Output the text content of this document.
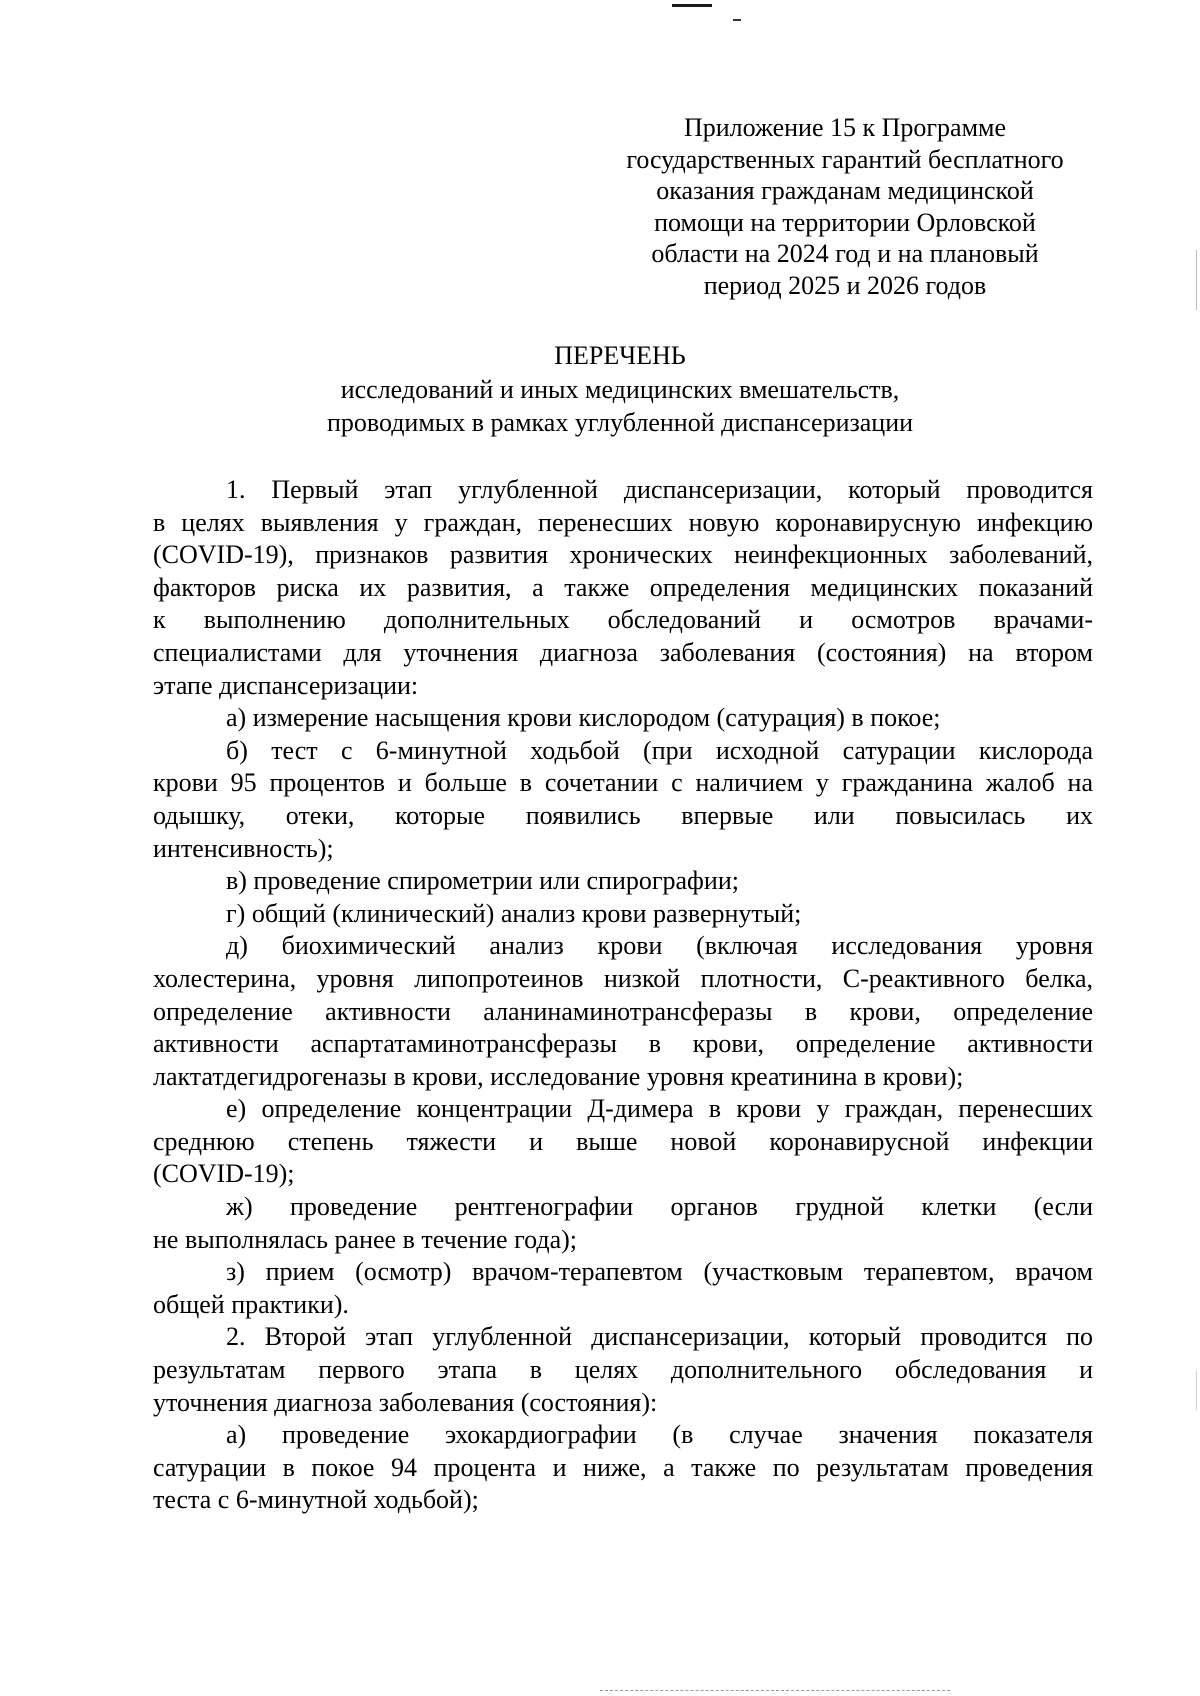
Приложение 15 к Программе
государственных гарантий бесплатного
оказания гражданам медицинской
помощи на территории Орловской
области на 2024 год и на плановый
период 2025 и 2026 годов
ПЕРЕЧЕНЬ
исследований и иных медицинских вмешательств,
проводимых в рамках углубленной диспансеризации
1. Первый этап углубленной диспансеризации, который проводится
в целях выявления у граждан, перенесших новую коронавирусную инфекцию
(COVID-19), признаков развития хронических неинфекционных заболеваний,
факторов риска их развития, а также определения медицинских показаний
к выполнению дополнительных обследований и осмотров врачами-
специалистами для уточнения диагноза заболевания (состояния) на втором
этапе диспансеризации:
а) измерение насыщения крови кислородом (сатурация) в покое;
б) тест с 6-минутной ходьбой (при исходной сатурации кислорода
крови 95 процентов и больше в сочетании с наличием у гражданина жалоб на
одышку, отеки, которые появились впервые или повысилась их
интенсивность);
в) проведение спирометрии или спирографии;
г) общий (клинический) анализ крови развернутый;
д) биохимический анализ крови (включая исследования уровня
холестерина, уровня липопротеинов низкой плотности, С-реактивного белка,
определение активности аланинаминотрансферазы в крови, определение
активности аспартатаминотрансферазы в крови, определение активности
лактатдегидрогеназы в крови, исследование уровня креатинина в крови);
е) определение концентрации Д-димера в крови у граждан, перенесших
среднюю степень тяжести и выше новой коронавирусной инфекции
(COVID-19);
ж) проведение рентгенографии органов грудной клетки (если
не выполнялась ранее в течение года);
з) прием (осмотр) врачом-терапевтом (участковым терапевтом, врачом
общей практики).
2. Второй этап углубленной диспансеризации, который проводится по
результатам первого этапа в целях дополнительного обследования и
уточнения диагноза заболевания (состояния):
а) проведение эхокардиографии (в случае значения показателя
сатурации в покое 94 процента и ниже, а также по результатам проведения
теста с 6-минутной ходьбой);
